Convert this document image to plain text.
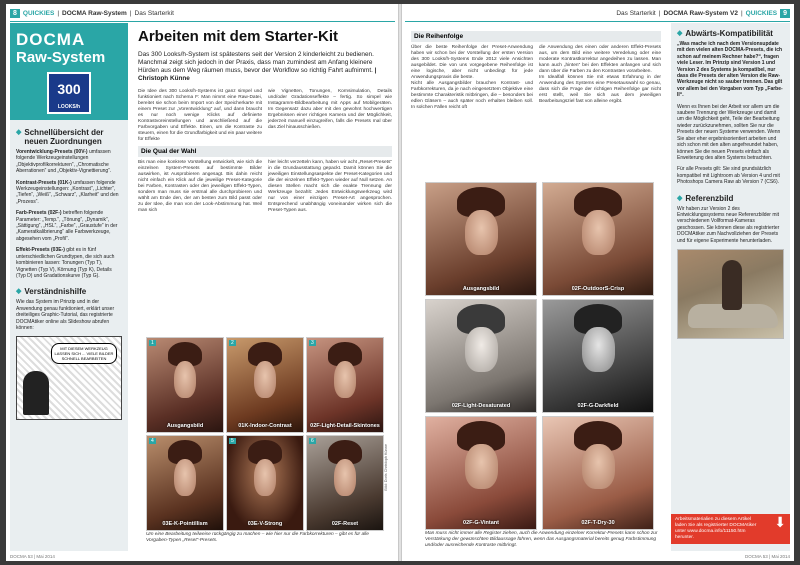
8 QUICKIES | DOCMA Raw-System | Das Starterkit
DOCMA
Raw-System
300
LOOKS/h
◆ Schnellübersicht der neuen Zuordnungen
Vorentwicklung-Presets (00V-) umfassen folgende Werkzeugeinstellungen „Objektivprofilkorrekturen“, „Chromatische Aberrationen“ und „Objektiv-Vignettierung“.
Kontrast-Presets (01K-) umfassen folgende Werkzeugeinstellungen: „Kontrast“, „Lichter“, „Tiefen“, „Weiß“, „Schwarz“, „Klarheit“ und den „Prozess“.
Farb-Presets (02F-) betreffen folgende Parameter: „Temp.“, „Tönung“, „Dynamik“, „Sättigung“, „HSL“, „Farbe“, „Graustufe“ in der „Kameratkalibrierung“ alle Farbwerkzeuge, abgesehen vom „Profil“.
Effekt-Presets (03E-) gibt es in fünf unterschiedlichen Grundtypen, die sich auch kombinieren lassen: Tonungen (Typ T), Vignetten (Typ V), Körnung (Typ K), Details (Typ D) und Gradationskurve (Typ G).
◆ Verständnishilfe
Wie das System im Prinzip und in der Anwendung genau funktioniert, erklärt unser dreiteiliges Graphic-Tutorial, das registrierte DOCMAtiker online als Slideshow abrufen können:
MIT DIESEM WERKZEUG LASSEN SICH ... VIELE BILDER SCHNELL BEARBEITEN
Arbeiten mit dem Starter-Kit
Das 300 Looks/h-System ist spätestens seit der Version 2 kinderleicht zu bedienen. Manchmal zeigt sich jedoch in der Praxis, dass man zumindest am Anfang kleinere Hürden aus dem Weg räumen muss, bevor der Workflow so richtig Fahrt aufnimmt. | Christoph Künne
Die Idee des 300 Looks/h-Systems ist ganz simpel und funktioniert nach Schema F: Man nimmt eine Raw-Datei, bereitet sie schon beim Import von der Speicherkarte mit einem Preset zur „Vorentwicklung“ auf, und dann braucht es nur noch wenige Klicks auf definierte Kontrastvoreinstellungen und anschließend auf die Farbvorgaben und Effekte. Einen, um die Kontraste zu steuern, einen für die Grundfarbigkeit und ein paar weitere für Effekte
wie Vignetten, Tonungen, Kornsimulation, Details und/oder Gradationseffekte – fertig. So simpel wie Instagramm-Bildbearbeitung mit Apps auf Mobilgeräten. Im Gegensatz dazu aber mit den gewohnt hochwertigen Ergebnissen einer richtigen Kamera und der Möglichkeit, jederzeit manuell einzugreifen, falls die Presets mal über das Ziel hinausschießen.
Die Qual der Wahl
Bis man eine konkrete Vorstellung entwickelt, wie sich die einzelnen System-Presets auf bestimmte Bilder auswirken, ist Ausprobieren angesagt. Bis dahin reicht nicht einfach ein Klick auf die jeweilige Preset-Kategorie bei Farben, Kontrasten oder den jeweiligen Effekt-Typen, sondern man muss sie erstmal alle durchprobieren und wählt am Ende den, der am besten zum Bild passt oder zu der Idee, die man von der Look-Abstimmung hat. Weil man sich
hier leicht verzetteln kann, haben wir acht „Reset-Presets“ in die Grundausstattung gepackt. Damit können Sie die jeweiligen Einstellungsaspekte der Preset-Kategorien und die der einzelnen Effekt-Typen wieder auf Null setzen. An diesen Stellen macht sich die exakte Trennung der Werkzeuge bezahlt: Jedes Entwicklungswerkzeug wird nur von einer einzigen Preset-Art angesprochen. Entsprechend unabhängig voneinander wirken sich die Preset-Typen aus.
1
Ausgangsbild
2
01K-Indoor-Contrast
3
02F-Light-Detail-Skintones
4
03E-K-Pointillism
5
03E-V-Strong
6
02F-Reset
Bild: Doris Christoph Künne
Um eine Bearbeitung teilweise rückgängig zu machen – wie hier nur die Farbkorrekturen – gibt es für alle Vorgaben-Typen „Reset“-Presets.
DOCMA 53 | Mai 2014
Das Starterkit | DOCMA Raw-System V2 | QUICKIES 9
Die Reihenfolge
Über die beste Reihenfolge der Preset-Anwendung haben wir schon bei der Vorstellung der ersten Version des 300 Looks/h-Systems Ende 2012 viele Ansichten ausgebildet. Die von uns vorgegebene Reihenfolge ist eine logische, aber nicht unbedingt für jede Anwendungspraxis die beste.
Nicht alle Ausgangsbilder brauchen Kontrast- und Farbkorrekturen, da je nach eingesetztem Objektive eine bestimmte Charakteristik mitbringen, die – besonders bei edlen Gläsern – auch später noch erhalten bleiben soll. In solchen Fällen reicht oft
die Anwendung des einen oder anderen Effekt-Presets aus, um dem Bild eine weitere Veredelung oder eine moderate Kontrastkorrektur angedeihen zu lassen. Man kann auch „hinten“ bei den Effekten anfangen und sich dann über die Farben zu den Kontrasten vorarbeiten.
Im Idealfall können Sie mit etwas Erfahrung in der Anwendung des Systems eine Presetauswahl so genau, dass sich die Frage der richtigen Reihenfolge gar nicht erst stellt, weil Sie sich aus dem jeweiligen Bearbeitungsziel fast von alleine ergibt.
Ausgangsbild	02F-OutdoorS-Crisp
02F-Light-Desaturated	02F-G-Darkfield
02F-G-Vintant	02F-T-Dry-30
Man muss nicht immer alle Register ziehen, auch die Anwendung einzelner Korrektur-Presets kann schon zur Verstärkung der gewünschten Bildaussage führen, wenn das Ausgangsmaterial bereits genug Farbstimmung und/oder ausreichende Kontraste mitbringt.
◆ Abwärts-Kompatibilität
„Was mache ich nach dem Versionsupdate mit den vielen alten DOCMA-Presets, die ich schon auf meinem Rechner habe?“, fragen viele Leser. Im Prinzip sind Version 1 und Version 2 des Systems ja kompatibel, nur dass die Presets der alten Version die Raw-Werkzeuge nicht so sauber trennen. Das gilt vor allem bei den Vorgaben vom Typ „Farbe-II“.
Wenn es Ihnen bei der Arbeit vor allem um die saubere Trennung der Werkzeuge und damit um die Möglichkeit geht, Teile der Bearbeitung wieder zurückzunehmen, sollten Sie nur die Presets der neuen Systeme verwenden. Wenn Sie aber eher ergebnisorientiert arbeiten und sich schon mit den alten angefreundet haben, können Sie die neuen Presets einfach als Erweiterung des alten Systems betrachten.
Für alle Presets gilt: Sie sind grundsätzlich kompatibel mit Lightroom ab Version 4 und mit Photoshops Camera Raw ab Version 7 (CS6).
◆ Referenzbild
Wir haben zur Version 2 des Entwicklungssystems neue Referenzbilder mit verschiedenen Vollformat-Kameras geschossen. Sie können diese als registrierter DOCMAtiker zum Nachvollziehen der Presets und für eigene Experimente herunterladen.
Arbeitsmaterialien zu diesem Artikel laden Sie als registrierter DOCMAtiker unter www.docma.info/11150.htm herunter.
⬇
DOCMA 53 | Mai 2014
